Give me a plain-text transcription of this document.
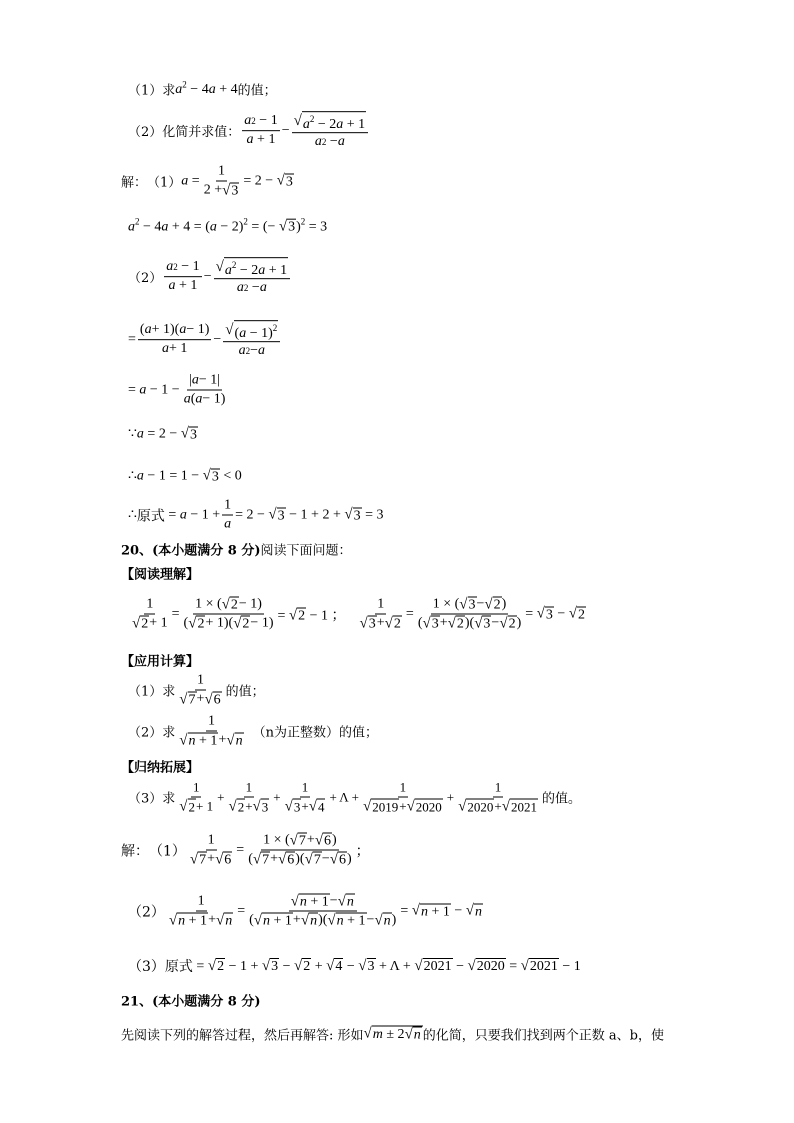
（1） 求 $a^2 - 4a + 4$ 的值；
（2） 化简并求值： $\frac{a 2 - 1}{a + 1} - \frac{√ a^2 - 2a + 1}{a 2 - a}$
解： （1） $a = \frac{1}{2 + √ 3} = 2$ − √ 3
$a^2 - 4a + 4 = (a - 2)^2$ = (− √ 3 )$^2$ = 3
$(2) \frac{a 2 - 1}{a + 1} - \frac{√ a^2 - 2a + 1}{a 2 - a}$
= $\frac{( a + 1)( a - 1)}{a + 1} - \frac{√ (a - 1)^2}{a 2 - a}$
= $a - 1 - \frac{| a - 1|}{a ( a - 1)}$
∵a = 2 − √ 3
∴a − 1 = 1 − √ 3 < 0
∴ 原式 = $a - 1 + \frac{1}{a} = 2$ − √ 3 − 1 + 2 + √ 3 = 3
20、(本小题满分 8 分) 阅读下面问题：
【阅读理解】
$\frac{1}{√ 2 + 1} = \frac{1 \times ( √ 2 - 1)}{( √ 2 + 1)( √ 2 - 1)}$ = √ 2 − 1 ； $\frac{1}{√ 3 + √ 2} = \frac{1 \times ( √ 3 - √ 2 )}{( √ 3 + √ 2 )( √ 3 - √ 2 )}$ = √ 3 − √ 2
【应用计算】
（1） 求 $\frac{1}{√ 7 + √ 6}$ 的值；
（2） 求 $\frac{1}{√ n + 1 + √ n} (n$为正整数） 的值；
【归纳拓展】
（3） 求 $\frac{1}{√ 2 + 1} + \frac{1}{√ 2 + √ 3} + \frac{1}{√ 3 + √ 4} + \Lambda + \frac{1}{√ 2019 + √ 2020} + \frac{1}{√ 2020 + √ 2021}$ 的值。
解： $(1) \frac{1}{√ 7 + √ 6} = \frac{1 \times ( √ 7 + √ 6 )}{( √ 7 + √ 6 )( √ 7 - √ 6 )}$ ；
$(2) \frac{1}{√ n + 1 + √ n} = \frac{√ n + 1 - √ n}{( √ n + 1 + √ n )( √ n + 1 - √ n )}$ = √ n + 1 − √ n
（3） 原式 = √ 2 − 1 + √ 3 − √ 2 + √ 4 − √ 3 + Λ + √ 2021 − √ 2020 = √ 2021 − 1
21、(本小题满分 8 分)
先阅读下列的解答过程，然后再解答: 形如 √ m ± 2 √ n 的化简，只要我们找到两个正数 a、b，使
